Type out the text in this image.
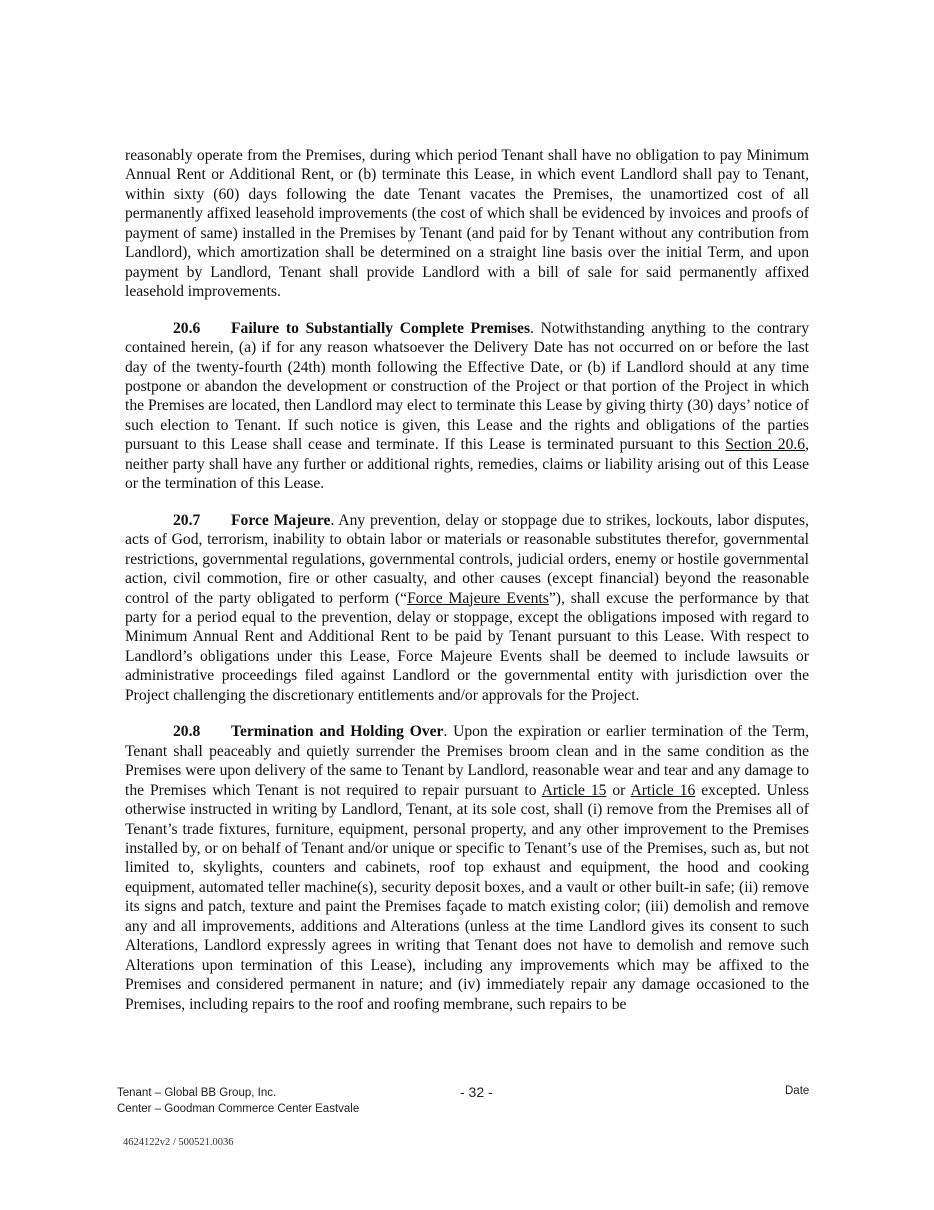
reasonably operate from the Premises, during which period Tenant shall have no obligation to pay Minimum Annual Rent or Additional Rent, or (b) terminate this Lease, in which event Landlord shall pay to Tenant, within sixty (60) days following the date Tenant vacates the Premises, the unamortized cost of all permanently affixed leasehold improvements (the cost of which shall be evidenced by invoices and proofs of payment of same) installed in the Premises by Tenant (and paid for by Tenant without any contribution from Landlord), which amortization shall be determined on a straight line basis over the initial Term, and upon payment by Landlord, Tenant shall provide Landlord with a bill of sale for said permanently affixed leasehold improvements.

20.6 Failure to Substantially Complete Premises. Notwithstanding anything to the contrary contained herein, (a) if for any reason whatsoever the Delivery Date has not occurred on or before the last day of the twenty-fourth (24th) month following the Effective Date, or (b) if Landlord should at any time postpone or abandon the development or construction of the Project or that portion of the Project in which the Premises are located, then Landlord may elect to terminate this Lease by giving thirty (30) days’ notice of such election to Tenant. If such notice is given, this Lease and the rights and obligations of the parties pursuant to this Lease shall cease and terminate. If this Lease is terminated pursuant to this Section 20.6, neither party shall have any further or additional rights, remedies, claims or liability arising out of this Lease or the termination of this Lease.

20.7 Force Majeure. Any prevention, delay or stoppage due to strikes, lockouts, labor disputes, acts of God, terrorism, inability to obtain labor or materials or reasonable substitutes therefor, governmental restrictions, governmental regulations, governmental controls, judicial orders, enemy or hostile governmental action, civil commotion, fire or other casualty, and other causes (except financial) beyond the reasonable control of the party obligated to perform (“Force Majeure Events”), shall excuse the performance by that party for a period equal to the prevention, delay or stoppage, except the obligations imposed with regard to Minimum Annual Rent and Additional Rent to be paid by Tenant pursuant to this Lease. With respect to Landlord’s obligations under this Lease, Force Majeure Events shall be deemed to include lawsuits or administrative proceedings filed against Landlord or the governmental entity with jurisdiction over the Project challenging the discretionary entitlements and/or approvals for the Project.

20.8 Termination and Holding Over. Upon the expiration or earlier termination of the Term, Tenant shall peaceably and quietly surrender the Premises broom clean and in the same condition as the Premises were upon delivery of the same to Tenant by Landlord, reasonable wear and tear and any damage to the Premises which Tenant is not required to repair pursuant to Article 15 or Article 16 excepted. Unless otherwise instructed in writing by Landlord, Tenant, at its sole cost, shall (i) remove from the Premises all of Tenant’s trade fixtures, furniture, equipment, personal property, and any other improvement to the Premises installed by, or on behalf of Tenant and/or unique or specific to Tenant’s use of the Premises, such as, but not limited to, skylights, counters and cabinets, roof top exhaust and equipment, the hood and cooking equipment, automated teller machine(s), security deposit boxes, and a vault or other built-in safe; (ii) remove its signs and patch, texture and paint the Premises façade to match existing color; (iii) demolish and remove any and all improvements, additions and Alterations (unless at the time Landlord gives its consent to such Alterations, Landlord expressly agrees in writing that Tenant does not have to demolish and remove such Alterations upon termination of this Lease), including any improvements which may be affixed to the Premises and considered permanent in nature; and (iv) immediately repair any damage occasioned to the Premises, including repairs to the roof and roofing membrane, such repairs to be

Tenant – Global BB Group, Inc.
Center – Goodman Commerce Center Eastvale
- 32 -	Date
4624122v2 / 500521.0036
